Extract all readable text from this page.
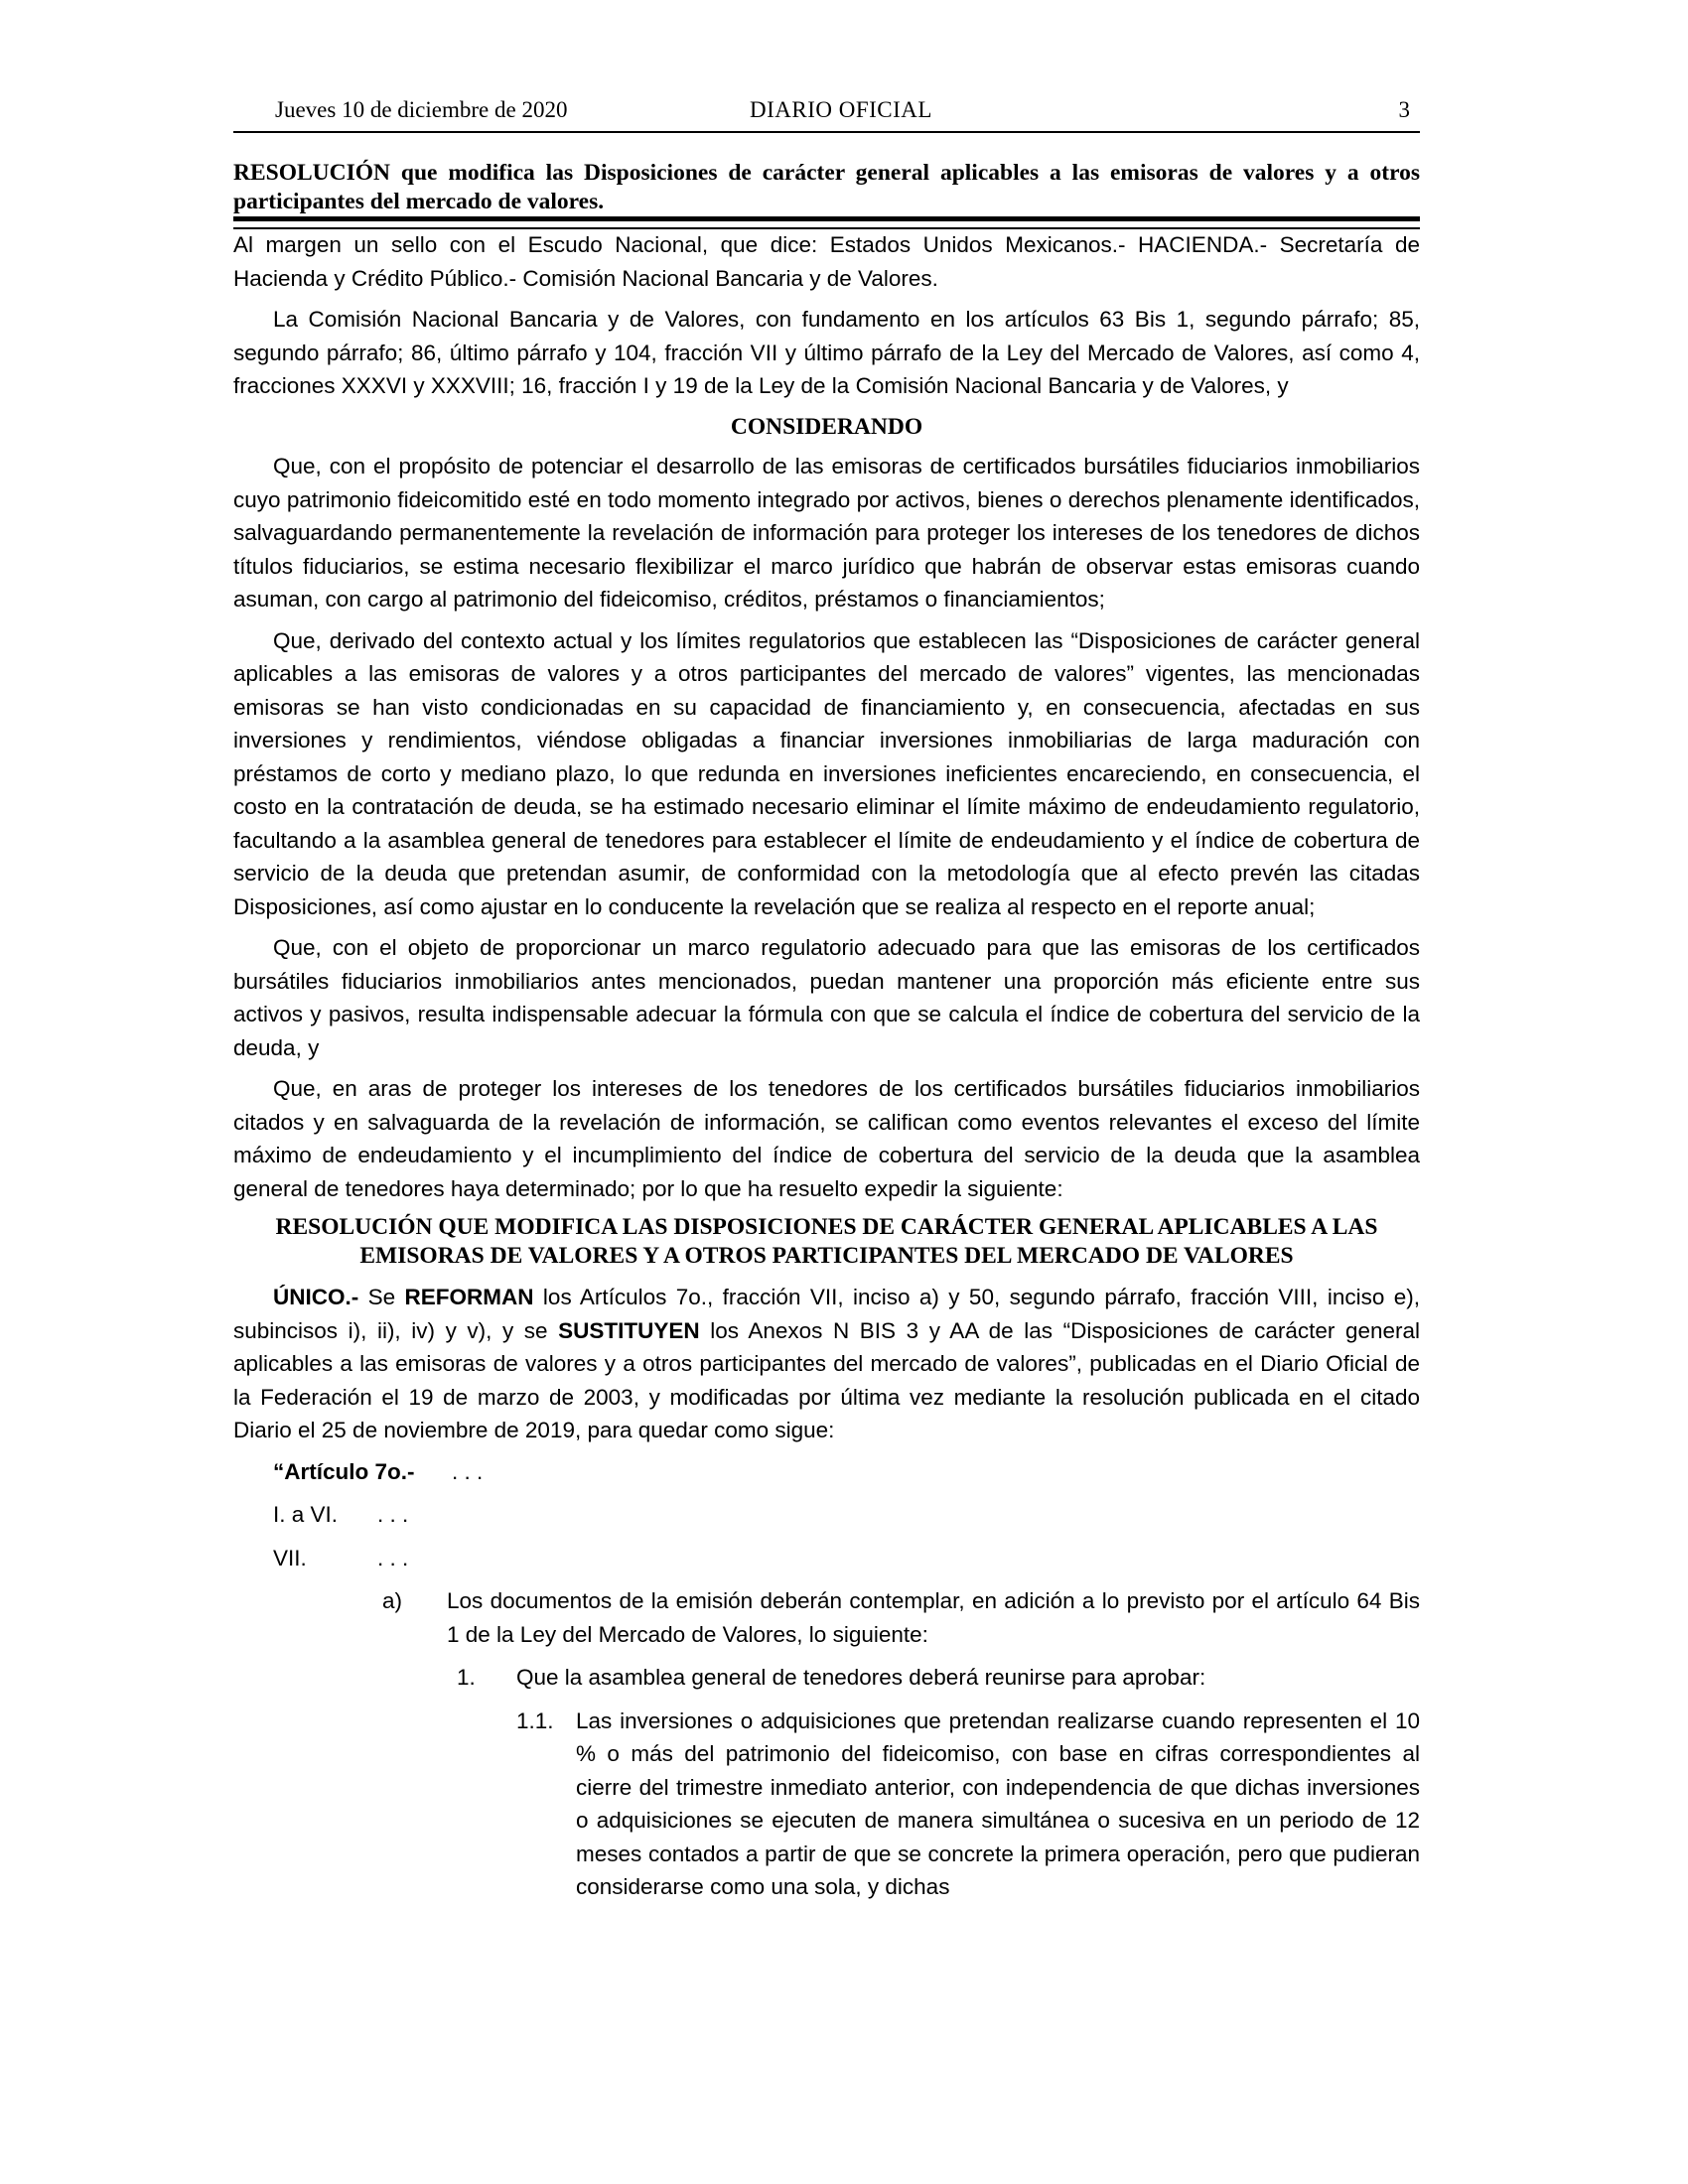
Jueves 10 de diciembre de 2020	DIARIO OFICIAL	3
RESOLUCIÓN que modifica las Disposiciones de carácter general aplicables a las emisoras de valores y a otros participantes del mercado de valores.

Al margen un sello con el Escudo Nacional, que dice: Estados Unidos Mexicanos.- HACIENDA.- Secretaría de Hacienda y Crédito Público.- Comisión Nacional Bancaria y de Valores.

La Comisión Nacional Bancaria y de Valores, con fundamento en los artículos 63 Bis 1, segundo párrafo; 85, segundo párrafo; 86, último párrafo y 104, fracción VII y último párrafo de la Ley del Mercado de Valores, así como 4, fracciones XXXVI y XXXVIII; 16, fracción I y 19 de la Ley de la Comisión Nacional Bancaria y de Valores, y

CONSIDERANDO

Que, con el propósito de potenciar el desarrollo de las emisoras de certificados bursátiles fiduciarios inmobiliarios cuyo patrimonio fideicomitido esté en todo momento integrado por activos, bienes o derechos plenamente identificados, salvaguardando permanentemente la revelación de información para proteger los intereses de los tenedores de dichos títulos fiduciarios, se estima necesario flexibilizar el marco jurídico que habrán de observar estas emisoras cuando asuman, con cargo al patrimonio del fideicomiso, créditos, préstamos o financiamientos;

Que, derivado del contexto actual y los límites regulatorios que establecen las “Disposiciones de carácter general aplicables a las emisoras de valores y a otros participantes del mercado de valores” vigentes, las mencionadas emisoras se han visto condicionadas en su capacidad de financiamiento y, en consecuencia, afectadas en sus inversiones y rendimientos, viéndose obligadas a financiar inversiones inmobiliarias de larga maduración con préstamos de corto y mediano plazo, lo que redunda en inversiones ineficientes encareciendo, en consecuencia, el costo en la contratación de deuda, se ha estimado necesario eliminar el límite máximo de endeudamiento regulatorio, facultando a la asamblea general de tenedores para establecer el límite de endeudamiento y el índice de cobertura de servicio de la deuda que pretendan asumir, de conformidad con la metodología que al efecto prevén las citadas Disposiciones, así como ajustar en lo conducente la revelación que se realiza al respecto en el reporte anual;

Que, con el objeto de proporcionar un marco regulatorio adecuado para que las emisoras de los certificados bursátiles fiduciarios inmobiliarios antes mencionados, puedan mantener una proporción más eficiente entre sus activos y pasivos, resulta indispensable adecuar la fórmula con que se calcula el índice de cobertura del servicio de la deuda, y

Que, en aras de proteger los intereses de los tenedores de los certificados bursátiles fiduciarios inmobiliarios citados y en salvaguarda de la revelación de información, se califican como eventos relevantes el exceso del límite máximo de endeudamiento y el incumplimiento del índice de cobertura del servicio de la deuda que la asamblea general de tenedores haya determinado; por lo que ha resuelto expedir la siguiente:

RESOLUCIÓN QUE MODIFICA LAS DISPOSICIONES DE CARÁCTER GENERAL APLICABLES A LAS EMISORAS DE VALORES Y A OTROS PARTICIPANTES DEL MERCADO DE VALORES

ÚNICO.- Se REFORMAN los Artículos 7o., fracción VII, inciso a) y 50, segundo párrafo, fracción VIII, inciso e), subincisos i), ii), iv) y v), y se SUSTITUYEN los Anexos N BIS 3 y AA de las “Disposiciones de carácter general aplicables a las emisoras de valores y a otros participantes del mercado de valores”, publicadas en el Diario Oficial de la Federación el 19 de marzo de 2003, y modificadas por última vez mediante la resolución publicada en el citado Diario el 25 de noviembre de 2019, para quedar como sigue:

“Artículo 7o.- . . .
I. a VI. . . .
VII.	. . .
a)	Los documentos de la emisión deberán contemplar, en adición a lo previsto por el artículo 64 Bis 1 de la Ley del Mercado de Valores, lo siguiente:
1.	Que la asamblea general de tenedores deberá reunirse para aprobar:
1.1. Las inversiones o adquisiciones que pretendan realizarse cuando representen el 10 % o más del patrimonio del fideicomiso, con base en cifras correspondientes al cierre del trimestre inmediato anterior, con independencia de que dichas inversiones o adquisiciones se ejecuten de manera simultánea o sucesiva en un periodo de 12 meses contados a partir de que se concrete la primera operación, pero que pudieran considerarse como una sola, y dichas
